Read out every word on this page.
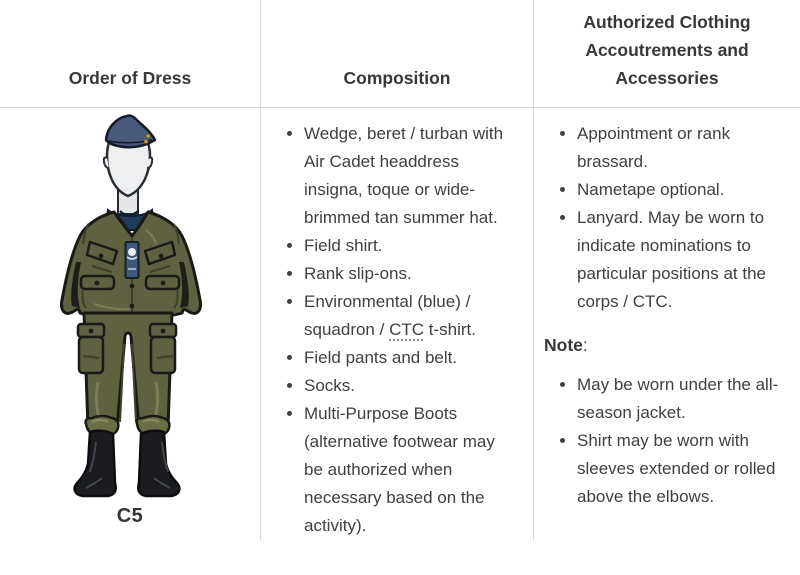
Order of Dress	Composition
Authorized Clothing Accoutrements and Accessories
C5
• Wedge, beret / turban with Air Cadet headdress insigna, toque or wide-brimmed tan summer hat.
• Field shirt.
• Rank slip-ons.
• Environmental (blue) / squadron / CTC t-shirt.
• Field pants and belt.
• Socks.
• Multi-Purpose Boots (alternative footwear may be authorized when necessary based on the activity).
• Appointment or rank brassard.
• Nametape optional.
• Lanyard. May be worn to indicate nominations to particular positions at the corps / CTC.

Note:

• May be worn under the all-season jacket.
• Shirt may be worn with sleeves extended or rolled above the elbows.
